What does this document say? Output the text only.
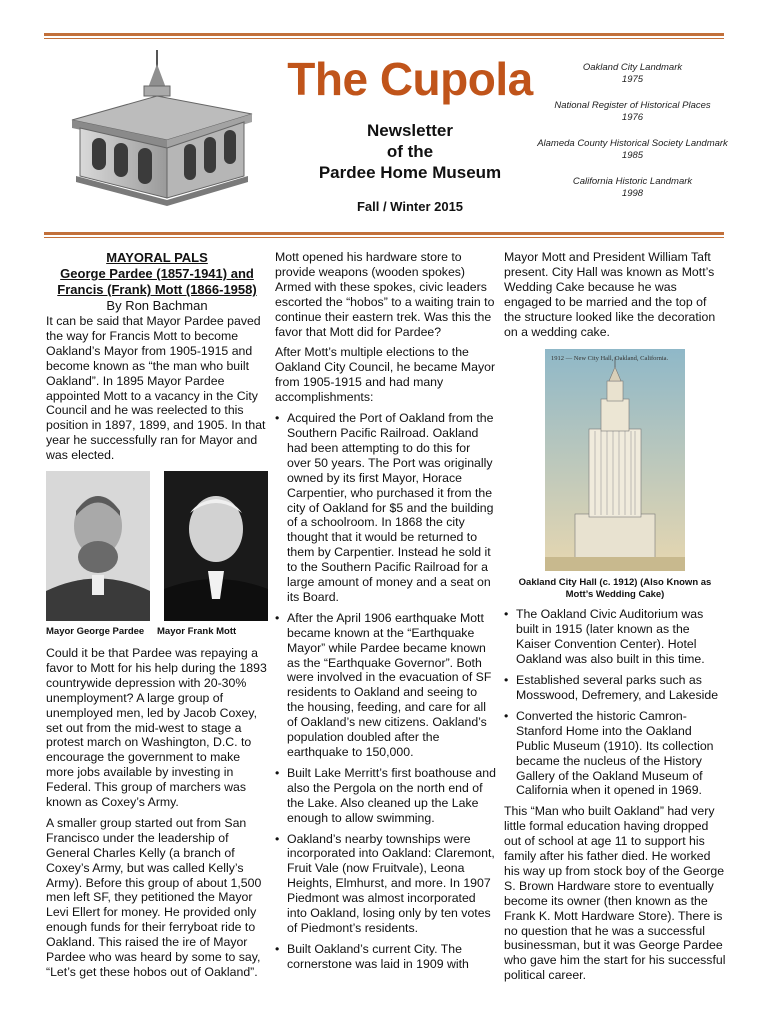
The Cupola
Newsletter
of the
Pardee Home Museum
Fall / Winter 2015
Oakland City Landmark
1975
National Register of Historical Places
1976
Alameda County Historical Society Landmark
1985
California Historic Landmark
1998
MAYORAL PALS
George Pardee (1857-1941) and
Francis (Frank) Mott (1866-1958)
By Ron Bachman

It can be said that Mayor Pardee paved the way for Francis Mott to become Oakland’s Mayor from 1905-1915 and become known as “the man who built Oakland”. In 1895 Mayor Pardee appointed Mott to a vacancy in the City Council and he was reelected to this position in 1897, 1899, and 1905. In that year he successfully ran for Mayor and was elected.

Mayor George Pardee	Mayor Frank Mott

Could it be that Pardee was repaying a favor to Mott for his help during the 1893 countrywide depression with 20-30% unemployment? A large group of unemployed men, led by Jacob Coxey, set out from the mid-west to stage a protest march on Washington, D.C. to encourage the government to make more jobs available by investing in Federal. This group of marchers was known as Coxey’s Army.

A smaller group started out from San Francisco under the leadership of General Charles Kelly (a branch of Coxey’s Army, but was called Kelly’s Army). Before this group of about 1,500 men left SF, they petitioned the Mayor Levi Ellert for money. He provided only enough funds for their ferryboat ride to Oakland. This raised the ire of Mayor Pardee who was heard by some to say, “Let’s get these hobos out of Oakland”.

Mott opened his hardware store to provide weapons (wooden spokes) Armed with these spokes, civic leaders escorted the “hobos” to a waiting train to continue their eastern trek. Was this the favor that Mott did for Pardee?

After Mott’s multiple elections to the Oakland City Council, he became Mayor from 1905-1915 and had many accomplishments:

• Acquired the Port of Oakland from the Southern Pacific Railroad. Oakland had been attempting to do this for over 50 years. The Port was originally owned by its first Mayor, Horace Carpentier, who purchased it from the city of Oakland for $5 and the building of a schoolroom. In 1868 the city thought that it would be returned to them by Carpentier. Instead he sold it to the Southern Pacific Railroad for a large amount of money and a seat on its Board.
• After the April 1906 earthquake Mott became known at the “Earthquake Mayor” while Pardee became known as the “Earthquake Governor”. Both were involved in the evacuation of SF residents to Oakland and seeing to the housing, feeding, and care for all of Oakland’s new citizens. Oakland’s population doubled after the earthquake to 150,000.
• Built Lake Merritt’s first boathouse and also the Pergola on the north end of the Lake. Also cleaned up the Lake enough to allow swimming.
• Oakland’s nearby townships were incorporated into Oakland: Claremont, Fruit Vale (now Fruitvale), Leona Heights, Elmhurst, and more. In 1907 Piedmont was almost incorporated into Oakland, losing only by ten votes of Piedmont’s residents.
• Built Oakland’s current City. The cornerstone was laid in 1909 with

Mayor Mott and President William Taft present. City Hall was known as Mott’s Wedding Cake because he was engaged to be married and the top of the structure looked like the decoration on a wedding cake.

1912 — New City Hall, Oakland, California.
Oakland City Hall (c. 1912) (Also Known as Mott’s Wedding Cake)
• The Oakland Civic Auditorium was built in 1915 (later known as the Kaiser Convention Center). Hotel Oakland was also built in this time.
• Established several parks such as Mosswood, Defremery, and Lakeside
• Converted the historic Camron-Stanford Home into the Oakland Public Museum (1910). Its collection became the nucleus of the History Gallery of the Oakland Museum of California when it opened in 1969.

This “Man who built Oakland” had very little formal education having dropped out of school at age 11 to support his family after his father died. He worked his way up from stock boy of the George S. Brown Hardware store to eventually become its owner (then known as the Frank K. Mott Hardware Store). There is no question that he was a successful businessman, but it was George Pardee who gave him the start for his successful political career.
